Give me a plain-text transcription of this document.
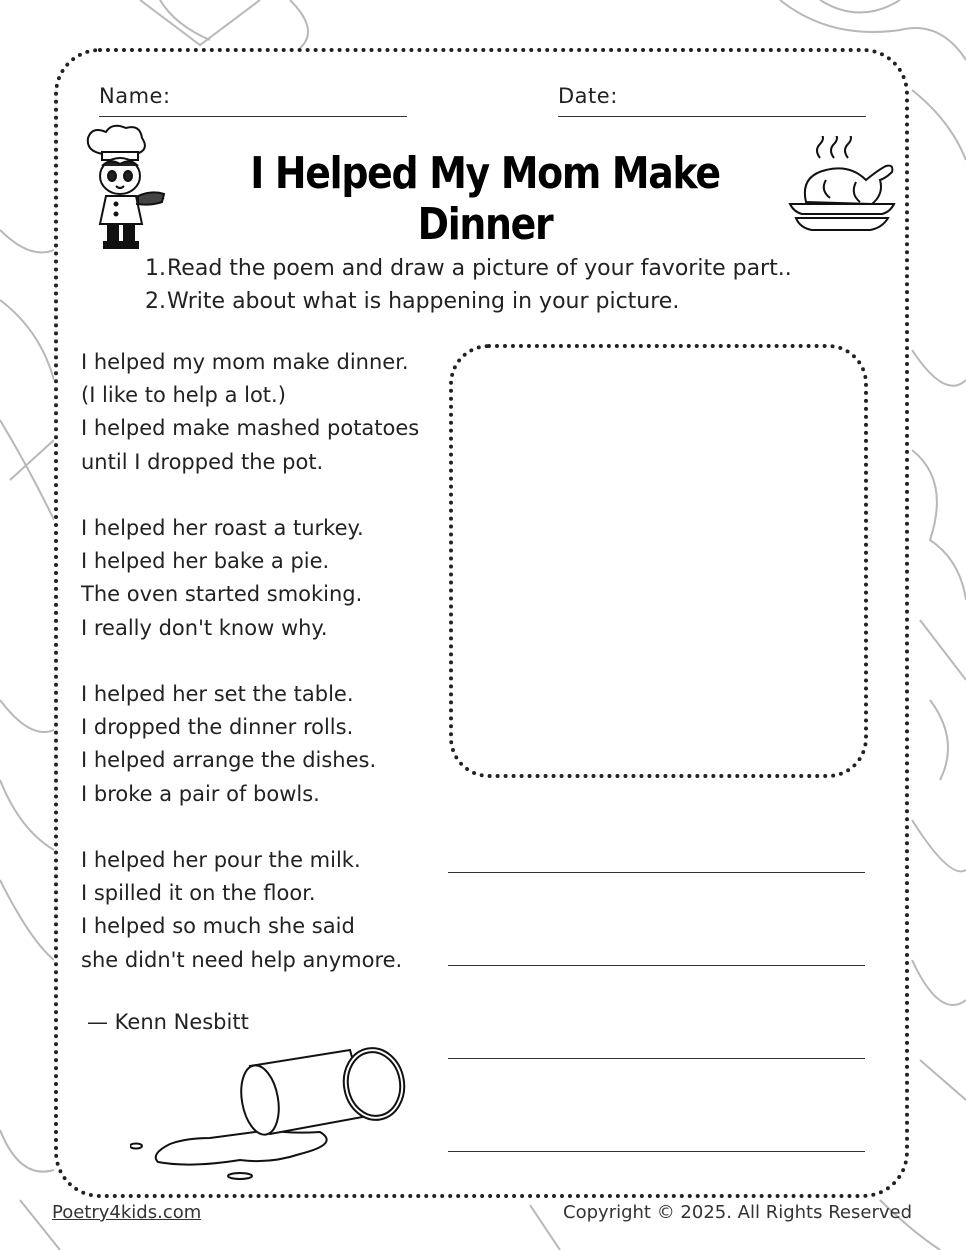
Name:	Date:
I Helped My Mom Make Dinner
1. Read the poem and draw a picture of your favorite part..
2. Write about what is happening in your picture.
I helped my mom make dinner.
(I like to help a lot.)
I helped make mashed potatoes
until I dropped the pot.
I helped her roast a turkey.
I helped her bake a pie.
The oven started smoking.
I really don't know why.
I helped her set the table.
I dropped the dinner rolls.
I helped arrange the dishes.
I broke a pair of bowls.
I helped her pour the milk.
I spilled it on the floor.
I helped so much she said
she didn't need help anymore.
— Kenn Nesbitt
Poetry4kids.com	Copyright © 2025. All Rights Reserved
